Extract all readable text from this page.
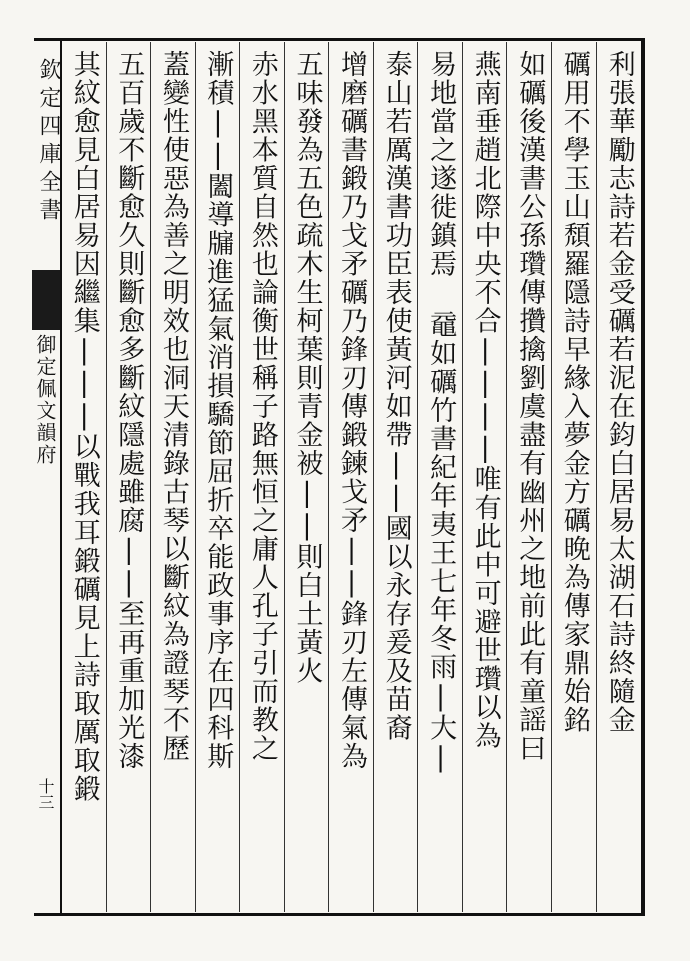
欽定四庫全書
御定佩文韻府
十三
利張華勵志詩若金受礪若泥在鈞白居易太湖石詩終隨金
礪用不學玉山頹羅隱詩早緣入夢金方礪晚為傳家鼎始銘
如礪後漢書公孫瓚傳攢擒劉虞盡有幽州之地前此有童謡曰
燕南垂趙北際中央不合||||唯有此中可避世瓚以為
易地當之遂徙鎮焉 黿如礪竹書紀年夷王七年冬雨|大|
泰山若厲漢書功臣表使黃河如帶||國以永存爰及苗裔
增磨礪書鍛乃戈矛礪乃鋒刃傳鍛鍊戈矛||鋒刃左傳氣為
五味發為五色疏木生柯葉則青金被||則白土黃火
赤水黑本質自然也論衡世稱子路無恒之庸人孔子引而教之
漸積||闔導牖進猛氣消損驕節屈折卒能政事序在四科斯
蓋變性使惡為善之明效也洞天清錄古琴以斷紋為證琴不歷
五百歲不斷愈久則斷愈多斷紋隱處雖腐||至再重加光漆
其紋愈見白居易因繼集|||以戰我耳鍛礪見上詩取厲取鍛
